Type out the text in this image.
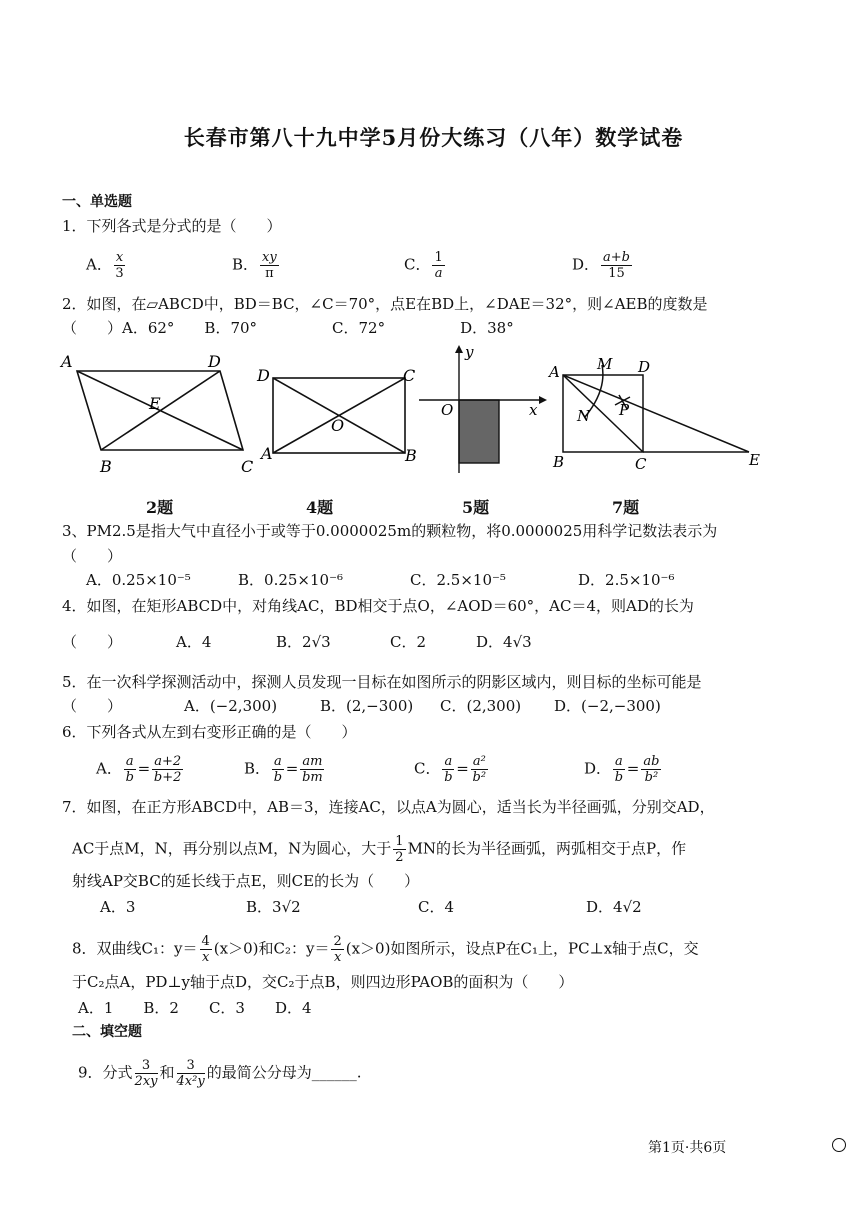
长春市第八十九中学5月份大练习（八年）数学试卷
一、单选题
1．下列各式是分式的是（　　）
A． $\frac{x}{3}$	B． $\frac{xy}{\pi}$	C． $\frac{1}{a}$	D． $\frac{a+b}{15}$
2．如图，在▱ABCD中，BD＝BC，∠C＝70°，点E在BD上，∠DAE＝32°，则∠AEB的度数是
（　　）A．62°　　B．70°　　　　　C．72°　　　　　D．38°
A	D
E
B	C
D	C
O
A	B
y
O	x
A M D
N P
B	C	E
2题	4题	5题	7题
3、PM2.5是指大气中直径小于或等于0.0000025m的颗粒物，将0.0000025用科学记数法表示为
（　　）
A．0.25×10⁻⁵	B．0.25×10⁻⁶	C．2.5×10⁻⁵	D．2.5×10⁻⁶
4．如图，在矩形ABCD中，对角线AC，BD相交于点O，∠AOD＝60°，AC＝4，则AD的长为
（　　）	A．4	B．2√3	C．2	D．4√3
5．在一次科学探测活动中，探测人员发现一目标在如图所示的阴影区域内，则目标的坐标可能是
（　　）	A．(−2,300)	B．(2,−300) C．(2,300) D．(−2,−300)
6．下列各式从左到右变形正确的是（　　）
A． $\frac{a}{b} = \frac{a+2}{b+2}$	B． $\frac{a}{b} = \frac{am}{bm}$	C． $\frac{a}{b} = \frac{\text{a²}}{\text{b²}}$	D． $\frac{a}{b} = \frac{ab}{\text{b²}}$
7．如图，在正方形ABCD中，AB＝3，连接AC，以点A为圆心，适当长为半径画弧，分别交AD，
AC于点M，N，再分别以点M，N为圆心，大于 $\frac{1}{2}$ MN的长为半径画弧，两弧相交于点P，作
射线AP交BC的延长线于点E，则CE的长为（　　）
A．3	B．3√2	C．4	D．4√2
8．双曲线C₁：$y= \frac{4}{x} (x>0)$和C₂：$y= \frac{2}{x} (x>0)$如图所示，设点P在C₁上，PC⊥x轴于点C，交
于C₂点A，PD⊥y轴于点D，交C₂于点B，则四边形PAOB的面积为（　　）
A．1　　B．2　　C．3　　D．4
二、填空题
9．分式 $\frac{3}{2xy}$ 和 $\frac{3}{\text{4x²y}}$ 的最简公分母为______.
第1页·共6页
